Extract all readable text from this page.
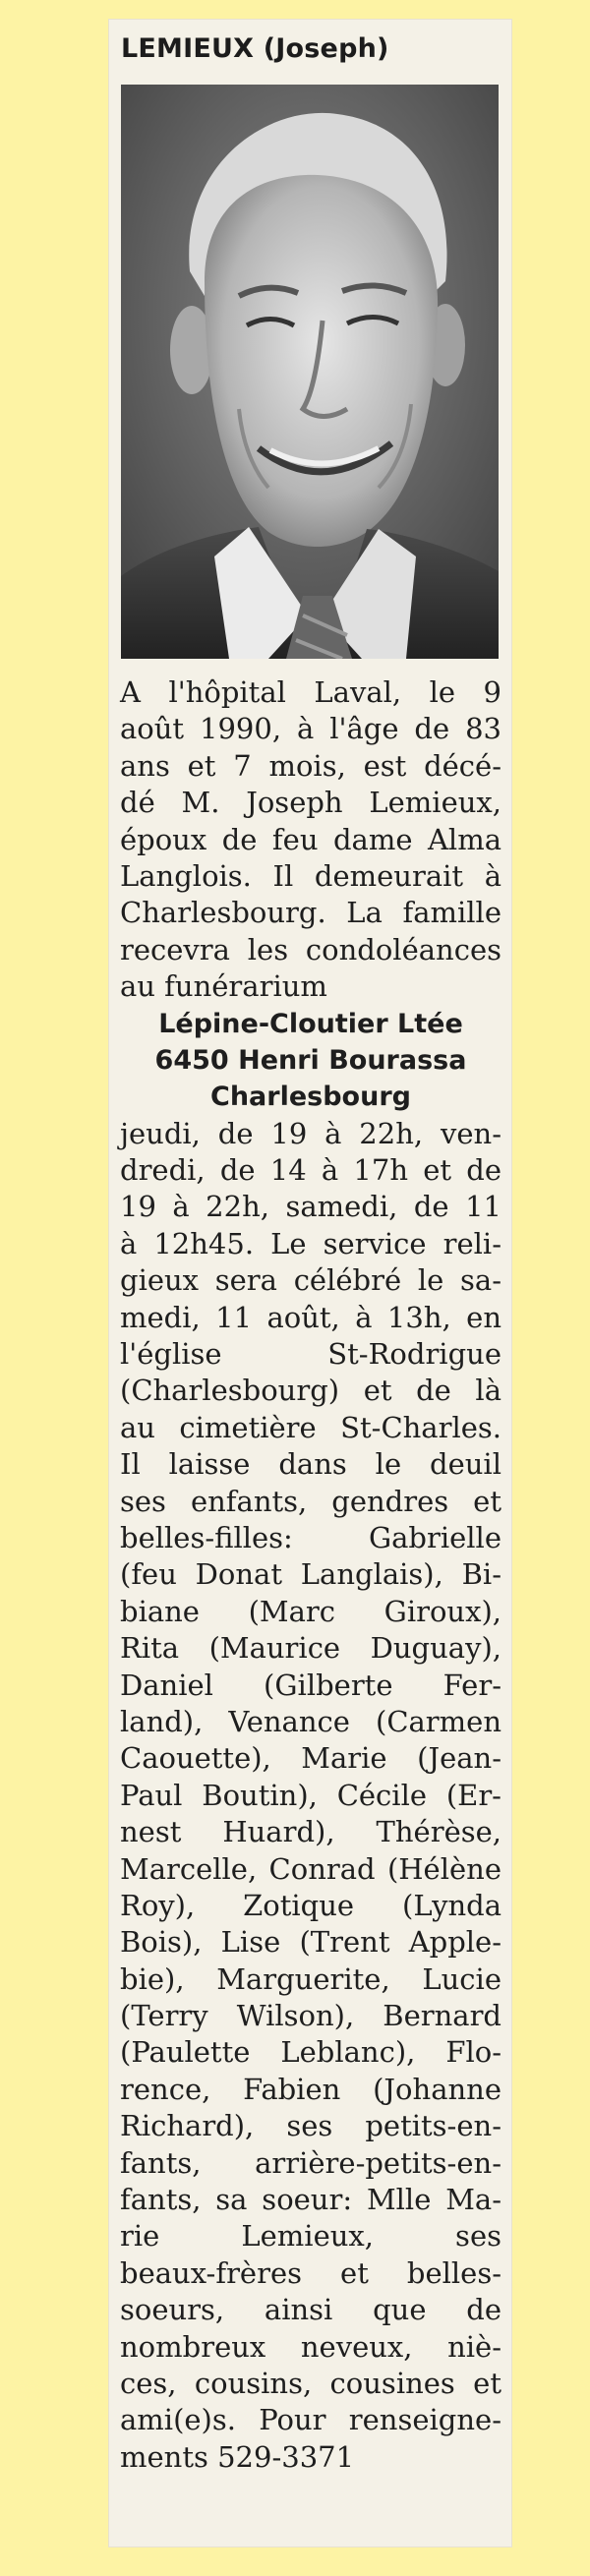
LEMIEUX (Joseph)
A l'hôpital Laval, le 9
août 1990, à l'âge de 83
ans et 7 mois, est décé-
dé M. Joseph Lemieux,
époux de feu dame Alma
Langlois. Il demeurait à
Charlesbourg. La famille
recevra les condoléances
au funérarium
Lépine-Cloutier Ltée
6450 Henri Bourassa
Charlesbourg
jeudi, de 19 à 22h, ven-
dredi, de 14 à 17h et de
19 à 22h, samedi, de 11
à 12h45. Le service reli-
gieux sera célébré le sa-
medi, 11 août, à 13h, en
l'église St-Rodrigue
(Charlesbourg) et de là
au cimetière St-Charles.
Il laisse dans le deuil
ses enfants, gendres et
belles-filles: Gabrielle
(feu Donat Langlais), Bi-
biane (Marc Giroux),
Rita (Maurice Duguay),
Daniel (Gilberte Fer-
land), Venance (Carmen
Caouette), Marie (Jean-
Paul Boutin), Cécile (Er-
nest Huard), Thérèse,
Marcelle, Conrad (Hélène
Roy), Zotique (Lynda
Bois), Lise (Trent Apple-
bie), Marguerite, Lucie
(Terry Wilson), Bernard
(Paulette Leblanc), Flo-
rence, Fabien (Johanne
Richard), ses petits-en-
fants, arrière-petits-en-
fants, sa soeur: Mlle Ma-
rie Lemieux, ses
beaux-frères et belles-
soeurs, ainsi que de
nombreux neveux, niè-
ces, cousins, cousines et
ami(e)s. Pour renseigne-
ments 529-3371
